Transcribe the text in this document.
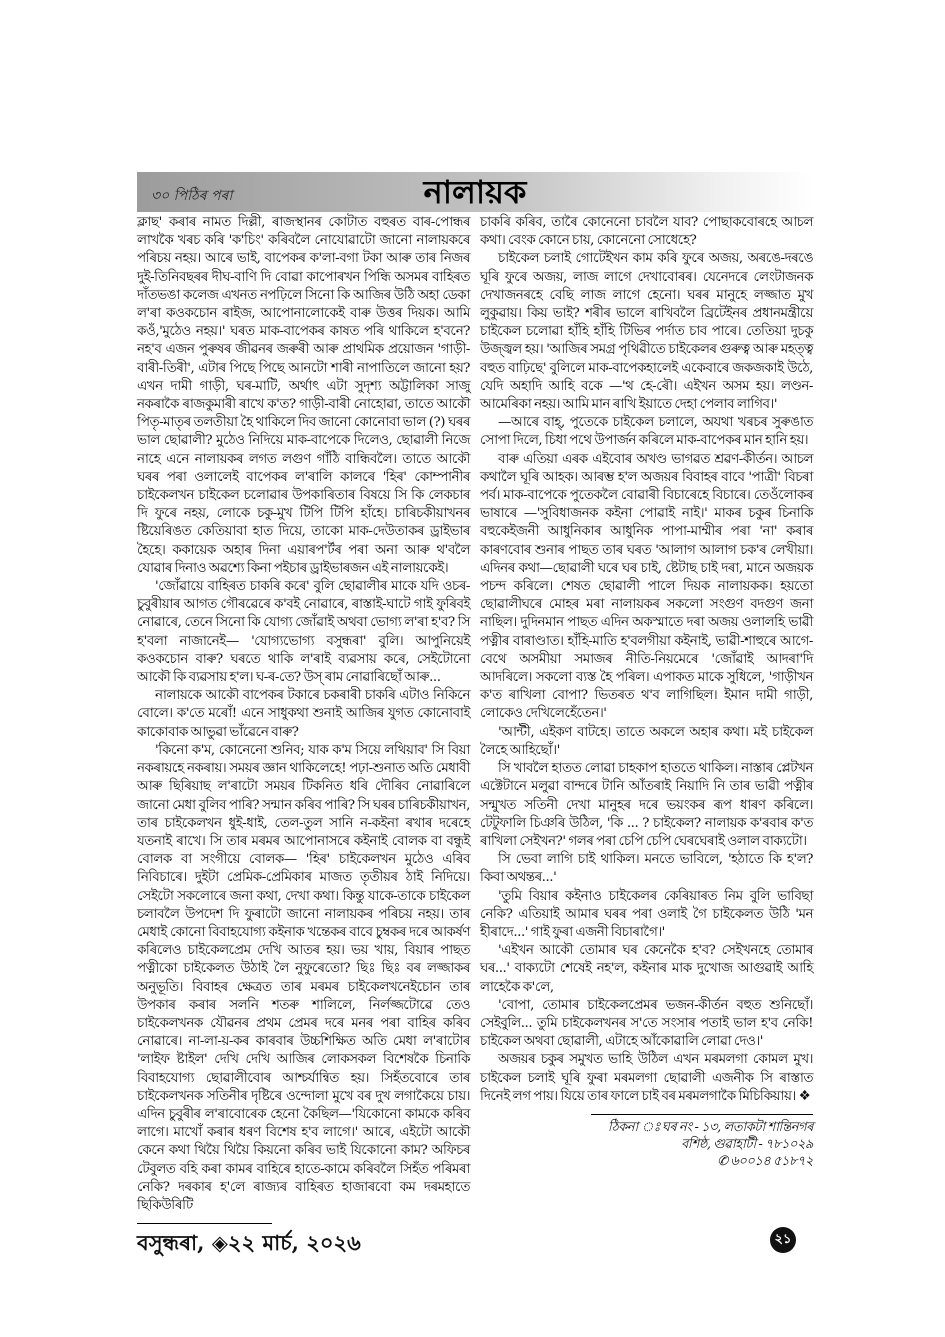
৩০ পিঠিৰ পৰা	নালায়ক

ক্লাছ' কৰাৰ নামত দিল্লী, ৰাজস্থানৰ কোটাত বহুৰত বাৰ-পোন্ধৰ লাখকৈ খৰচ কৰি 'ক'চিং' কৰিবলৈ নোযোৱাটো জানো নালায়কৰে পৰিচয় নহয়। আৰে ভাই, বাপেকৰ ক'লা-বগা টকা আৰু তাৰ নিজৰ দুই-তিনিবছৰৰ দীঘ-বাণি দি বোৱা কাপোৰখন পিন্ধি অসমৰ বাহিৰত দাঁতভঙা কলেজ এখনত নপঢ়িলে সিনো কি আজিৰ উঠি অহা ডেকা ল'ৰা কওকচোন ৰাইজ, আপোনালোকেই বাৰু উত্তৰ দিয়ক। আমি কওঁ,'মুঠেও নহয়।' ঘৰত মাক-বাপেকৰ কাষত পৰি থাকিলে হ'বনে? নহ'ব এজন পুৰুষৰ জীৱনৰ জৰুৰী আৰু প্ৰাথমিক প্ৰয়োজন 'গাড়ী-বাৰী-তিৰী', এটাৰ পিছে পিছে আনটো শাৰী নাপাতিলে জানো হয়? এখন দামী গাড়ী, ঘৰ-মাটি, অৰ্থাৎ এটা সুদৃশ্য অট্টালিকা সাজু নকৰাকৈ ৰাজকুমাৰী ৰাখে ক'ত? গাড়ী-বাৰী নোহোৱা, তাতে আকৌ পিতৃ-মাতৃৰ তলতীয়া হৈ থাকিলে দিব জানো কোনোবা ভাল (?) ঘৰৰ ভাল ছোৱালী? মুঠেও নিদিয়ে মাক-বাপেকে দিলেও, ছোৱালী নিজে নাহে এনে নালায়কৰ লগত লগুণ গাঁঠি বান্ধিবলৈ। তাতে আকৌ ঘৰৰ পৰা ওলালেই বাপেকৰ ল'ৰালি কালৰে 'হিৰ' কোম্পানীৰ চাইকেলখন চাইকেল চলোৱাৰ উপকাৰিতাৰ বিষয়ে সি কি লেকচাৰ দি ফুৰে নহয়, লোকে চকু-মুখ টিপি টিপি হাঁহে। চাৰিচকীয়াখনৰ ষ্টিয়েৰিঙত কেতিয়াবা হাত দিয়ে, তাকো মাক-দেউতাকৰ ড্ৰাইভাৰ হৈহে। ককায়েক অহাৰ দিনা এয়াৰপ'ৰ্টৰ পৰা অনা আৰু থ'বলৈ যোৱাৰ দিনাও অৱশ্যে কিনা পইচাৰ ড্ৰাইভাৰজন এই নালায়কেই।

'জোঁৱায়ে বাহিৰত চাকৰি কৰে' বুলি ছোৱালীৰ মাকে যদি ওচৰ-চুবুৰীয়াৰ আগত গৌৰৱেৰে ক'বই নোৱাৰে, ৰাস্তাই-ঘাটে গাই ফুৰিবই নোৱাৰে, তেনে সিনো কি যোগ্য জোঁৱাই অথবা ভোগ্য ল'ৰা হ'ব? সি হ'বলা নাজানেই— 'যোগ্যভোগ্য বসুন্ধৰা' বুলি। আপুনিয়েই কওকচোন বাৰু? ঘৰতে থাকি ল'ৰাই ব্যৱসায় কৰে, সেইটোনো আকৌ কি ব্যৱসায় হ'ল। ঘ-ৰ-তে? উস্ ৰাম নোৱাৰিছোঁ আৰু...

নালায়কে আকৌ বাপেকৰ টকাৰে চকৰাৰী চাকৰি এটাও নিকিনে বোলে। ক'তে মৰোঁ! এনে সাধুকথা শুনাই আজিৰ যুগত কোনোবাই কাকোবাক আভুৱা ভাঁৱেনে বাৰু?

'কিনো ক'ম, কোনেনো শুনিব; যাক ক'ম সিয়ে লথিয়াব' সি বিয়া নকৰায়হে নকৰায়। সময়ৰ জ্ঞান থাকিলেহে! পঢ়া-শুনাত অতি মেধাবী আৰু ছিৰিয়াছ ল'ৰাটো সময়ৰ টিকনিত ধৰি দৌৰিব নোৱাৰিলে জানো মেধা বুলিব পাৰি? সন্মান কৰিব পাৰি? সি ঘৰৰ চাৰিচকীয়াখন, তাৰ চাইকেলখন ধুই-ধাই, তেল-তুল সানি ন-কইনা ৰখাৰ দৰেহে যতনাই ৰাখে। সি তাৰ মৰমৰ আপোনাসৰে কইনাই বোলক বা বন্ধুই বোলক বা সংগীয়ে বোলক— 'হিৰ' চাইকেলখন মুঠেও এৰিব নিবিচাৰে। দুইটা প্ৰেমিক-প্ৰেমিকাৰ মাজত তৃতীয়ৰ ঠাই নিদিয়ে। সেইটো সকলোৰে জনা কথা, দেখা কথা। কিন্তু যাকে-তাকে চাইকেল চলাবলৈ উপদেশ দি ফুৰাটো জানো নালায়কৰ পৰিচয় নহয়। তাৰ মেধাই কোনো বিবাহযোগ্য কইনাক খন্তেকৰ বাবে চুম্বকৰ দৰে আকৰ্ষণ কৰিলেও চাইকেলপ্ৰেম দেখি আতৰ হয়। ভয় খায়, বিয়াৰ পাছত পত্নীকো চাইকেলত উঠাই লৈ নুফুৰেতো? ছিঃ ছিঃ বৰ লজ্জাকৰ অনুভূতি। বিবাহৰ ক্ষেত্ৰত তাৰ মৰমৰ চাইকেলখনেইচোন তাৰ উপকাৰ কৰাৰ সলনি শতৰু শালিলে, নিৰ্লজ্জটোৱে তেও চাইকেলখনক যৌৱনৰ প্ৰথম প্ৰেমৰ দৰে মনৰ পৰা বাহিৰ কৰিব নোৱাৰে। না-লা-য়-কৰ কাৰবাৰ উচ্চশিক্ষিত অতি মেধা ল'ৰাটোৰ 'লাইফ ষ্টাইল' দেখি দেখি আজিৰ লোকসকল বিশেষকৈ চিনাকি বিবাহযোগ্য ছোৱালীবোৰ আশ্চৰ্যান্বিত হয়। সিহঁতবোৰে তাৰ চাইকেলখনক সতিনীৰ দৃষ্টিৰে ওন্দোলা মুখে বৰ দুখ লগাকৈয়ে চায়। এদিন চুবুৰীৰ ল'ৰাবোৰেক হেনো কৈছিল—'যিকোনো কামকে কৰিব লাগে। মাখোঁ কৰাৰ ধৰণ বিশেষ হ'ব লাগে।' আৰে, এইটো আকৌ কেনে কথা থিয়ৈ থিয়ৈ কিয়নো কৰিব ভাই যিকোনো কাম? অফিচৰ টেবুলত বহি কৰা কামৰ বাহিৰে হাতে-কামে কৰিবলৈ সিহঁত পৰিমৰা নেকি? দৰকাৰ হ'লে ৰাজ্যৰ বাহিৰত হাজাৰবো কম দৰমহাতে ছিকিউৰিটি

চাকৰি কৰিব, তাৰৈ কোনেনো চাবলৈ যাব? পোছাকবোৰহে আচল কথা। বেংক কোনে চায়, কোনেনো সোধেহে?

চাইকেল চলাই গোটেইখন কাম কৰি ফুৰে অজয়, অৰঙে-দৰঙে ঘূৰি ফুৰে অজয়, লাজ লাগে দেখাবোৰৰ। যেনেদৰে লেংটাজনক দেখাজনৰহে বেছি লাজ লাগে হেনো। ঘৰৰ মানুহে লজ্জাত মুখ লুকুৱায়। কিয় ভাই? শৰীৰ ভালে ৰাখিবলৈ ব্ৰিটেইনৰ প্ৰধানমন্ত্ৰীয়ে চাইকেল চলোৱা হাঁহি হাঁহি টিভিৰ পৰ্দাত চাব পাৰে। তেতিয়া দুচকু উজ্জ্বল হয়। 'আজিৰ সমগ্ৰ পৃথিৱীতে চাইকেলৰ গুৰুত্ব আৰু মহত্ত্ব বহুত বাঢ়িছে' বুলিলে মাক-বাপেকহালেই একেবাৰে জকজকাই উঠে, যেদি অহাদি আহি বকে —'থ হে-ৰৌ। এইখন অসম হয়। লণ্ডন-আমেৰিকা নহয়। আমি মান ৰাখি ইয়াতে দেহা পেলাব লাগিব।'

—আৰে বাহ্, পুতেকে চাইকেল চলালে, অযথা খৰচৰ সুৰুঙাত সোপা দিলে, চিধা পথে উপাৰ্জন কৰিলে মাক-বাপেকৰ মান হানি হয়।

বাৰু এতিয়া এৰক এইবোৰ অখণ্ড ভাগৱত শ্ৰৱণ-কীৰ্তন। আচল কথালৈ ঘূৰি আহক। আৰম্ভ হ'ল অজয়ৰ বিবাহৰ বাবে 'পাত্ৰী' বিচৰা পৰ্ব। মাক-বাপেকে পুতেকলৈ বোৱাৰী বিচাৰেহে বিচাৰে। তেওঁলোকৰ ভাষাৰে —'সুবিধাজনক কইনা পোৱাই নাই।' মাকৰ চকুৰ চিনাকি বহুকেইজনী আধুনিকাৰ আধুনিক পাপা-মাম্মীৰ পৰা 'না' কৰাৰ কাৰণবোৰ শুনাৰ পাছত তাৰ ঘৰত 'আলাগ আলাগ চক'ৰ লেখীয়া। এদিনৰ কথা—ছোৱালী ঘৰে ঘৰ চাই, ষ্টেটাছ চাই দৰা, মানে অজয়ক পচন্দ কৰিলে। শেষত ছোৱালী পালে দিয়ক নালায়কক। হয়তো ছোৱালীঘৰে মোহৰ মৰা নালায়কৰ সকলো সংগুণ বদগুণ জনা নাছিল। দুদিনমান পাছত এদিন অকস্মাতে দৰা অজয় ওলালহি ভাৱী পত্নীৰ বাৰাণ্ডাত। হাঁহি-মাতি হ'বলগীয়া কইনাই, ভাৱী-শাহুৰে আগে-বেথে অসমীয়া সমাজৰ নীতি-নিয়মেৰে 'জোঁৱাই আদৰা'দি আদৰিলে। সকলো ব্যস্ত হৈ পৰিল। এপাকত মাকে সুধিলে, 'গাড়ীখন ক'ত ৰাখিলা বোপা? ভিতৰত থ'ব লাগিছিল। ইমান দামী গাড়ী, লোকেও দেখিলেহেঁতেন।'

'আন্টী, এইকণ বাটহে। তাতে অকলে অহাৰ কথা। মই চাইকেল লৈহে আহিছোঁ।'

সি খাবলৈ হাতত লোৱা চাহকাপ হাততে থাকিল। নাস্তাৰ প্লেটখন এক্টেটানে মলুৱা বান্দৰে টানি আঁতৰাই নিয়াদি নি তাৰ ভাৱী পত্নীৰ সন্মুখত সতিনী দেখা মানুহৰ দৰে ভয়ংকৰ ৰূপ ধাৰণ কৰিলে। টেটুফালি চিঞৰি উঠিল, 'কি ... ? চাইকেল? নালায়ক ক'ৰবাৰ ক'ত ৰাখিলা সেইখন?' গলৰ পৰা চেপি চেপি ঘেৰঘেৰাই ওলাল বাক্যটো।

সি ভেবা লাগি চাই থাকিল। মনতে ভাবিলে, 'হঠাতে কি হ'ল? কিবা অথন্তৰ...'

'তুমি বিয়াৰ কইনাও চাইকেলৰ কেৰিয়াৰত নিম বুলি ভাবিছা নেকি? এতিয়াই আমাৰ ঘৰৰ পৰা ওলাই গৈ চাইকেলত উঠি 'মন হীৰাদে...' গাই ফুৰা এজনী বিচাৰাগৈ।'

'এইখন আকৌ তোমাৰ ঘৰ কেনেকৈ হ'ব? সেইখনহে তোমাৰ ঘৰ...' বাক্যটো শেষেই নহ'ল, কইনাৰ মাক দুখোজ আগুৱাই আহি লাহেকৈ ক'লে,

'বোপা, তোমাৰ চাইকেলপ্ৰেমৰ ভজন-কীৰ্তন বহুত শুনিছোঁ। সেইবুলি... তুমি চাইকেলখনৰ স'তে সংসাৰ পতাই ভাল হ'ব নেকি! চাইকেল অথবা ছোৱালী, এটাহে আঁকোৱালি লোৱা দেও।'

অজয়ৰ চকুৰ সমুখত ভাহি উঠিল এখন মৰমলগা কোমল মুখ। চাইকেল চলাই ঘূৰি ফুৰা মৰমলগা ছোৱালী এজনীক সি ৰাস্তাত দিনেই লগ পায়। যিয়ে তাৰ ফালে চাই বৰ মৰমলগাকৈ মিচিকিয়ায়। ❖

ঠিকনা ঃ ঘৰ নং - ১৩, লতাকটা শান্তিনগৰ
বশিষ্ঠ, গুৱাহাটী - ৭৮১০২৯
✆ ৬০০১৪ ৫১৮৭২
বসুন্ধৰা, ◈২২ মাৰ্চ, ২০২৬	২১
